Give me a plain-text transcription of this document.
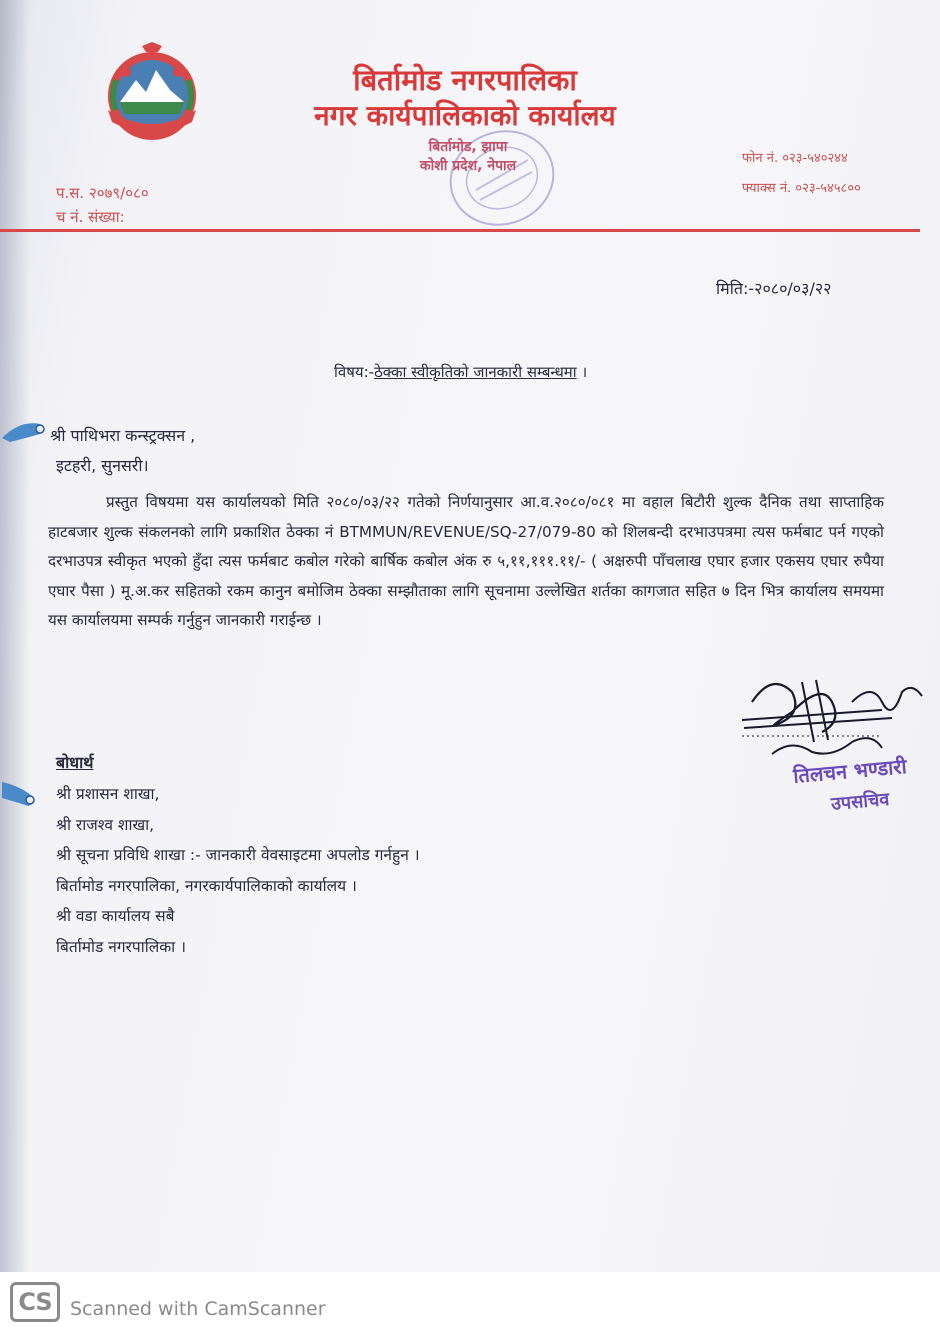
बिर्तामोड नगरपालिका
नगर कार्यपालिकाको कार्यालय
बिर्तामोड, झापा
कोशी प्रदेश, नेपाल	फोन नं. ०२३-५४०२४४
फ्याक्स नं. ०२३-५४५८००
प.स. २०७९/०८०
च नं. संख्या:
मिति:-२०८०/०३/२२
विषय:-ठेक्का स्वीकृतिको जानकारी सम्बन्धमा ।
श्री पाथिभरा कन्स्ट्रक्सन ,
इटहरी, सुनसरी।
प्रस्तुत विषयमा यस कार्यालयको मिति २०८०/०३/२२ गतेको निर्णयानुसार आ.व.२०८०/०८१ मा वहाल बिटौरी शुल्क दैनिक तथा साप्ताहिक हाटबजार शुल्क संकलनको लागि प्रकाशित ठेक्का नं BTMMUN/REVENUE/SQ-27/079-80 को शिलबन्दी दरभाउपत्रमा त्यस फर्मबाट पर्न गएको दरभाउपत्र स्वीकृत भएको हुँदा त्यस फर्मबाट कबोल गरेको बार्षिक कबोल अंक रु ५,११,१११.११/- ( अक्षरुपी पाँचलाख एघार हजार एकसय एघार रुपैया एघार पैसा ) मू.अ.कर सहितको रकम कानुन बमोजिम ठेक्का सम्झौताका लागि सूचनामा उल्लेखित शर्तका कागजात सहित ७ दिन भित्र कार्यालय समयमा यस कार्यालयमा सम्पर्क गर्नुहुन जानकारी गराईन्छ ।
तिलचन भण्डारी
उपसचिव
बोधार्थ
श्री प्रशासन शाखा,
श्री राजश्व शाखा,
श्री सूचना प्रविधि शाखा :- जानकारी वेवसाइटमा अपलोड गर्नहुन ।
बिर्तामोड नगरपालिका, नगरकार्यपालिकाको कार्यालय ।
श्री वडा कार्यालय सबै
बिर्तामोड नगरपालिका ।
CS Scanned with CamScanner
